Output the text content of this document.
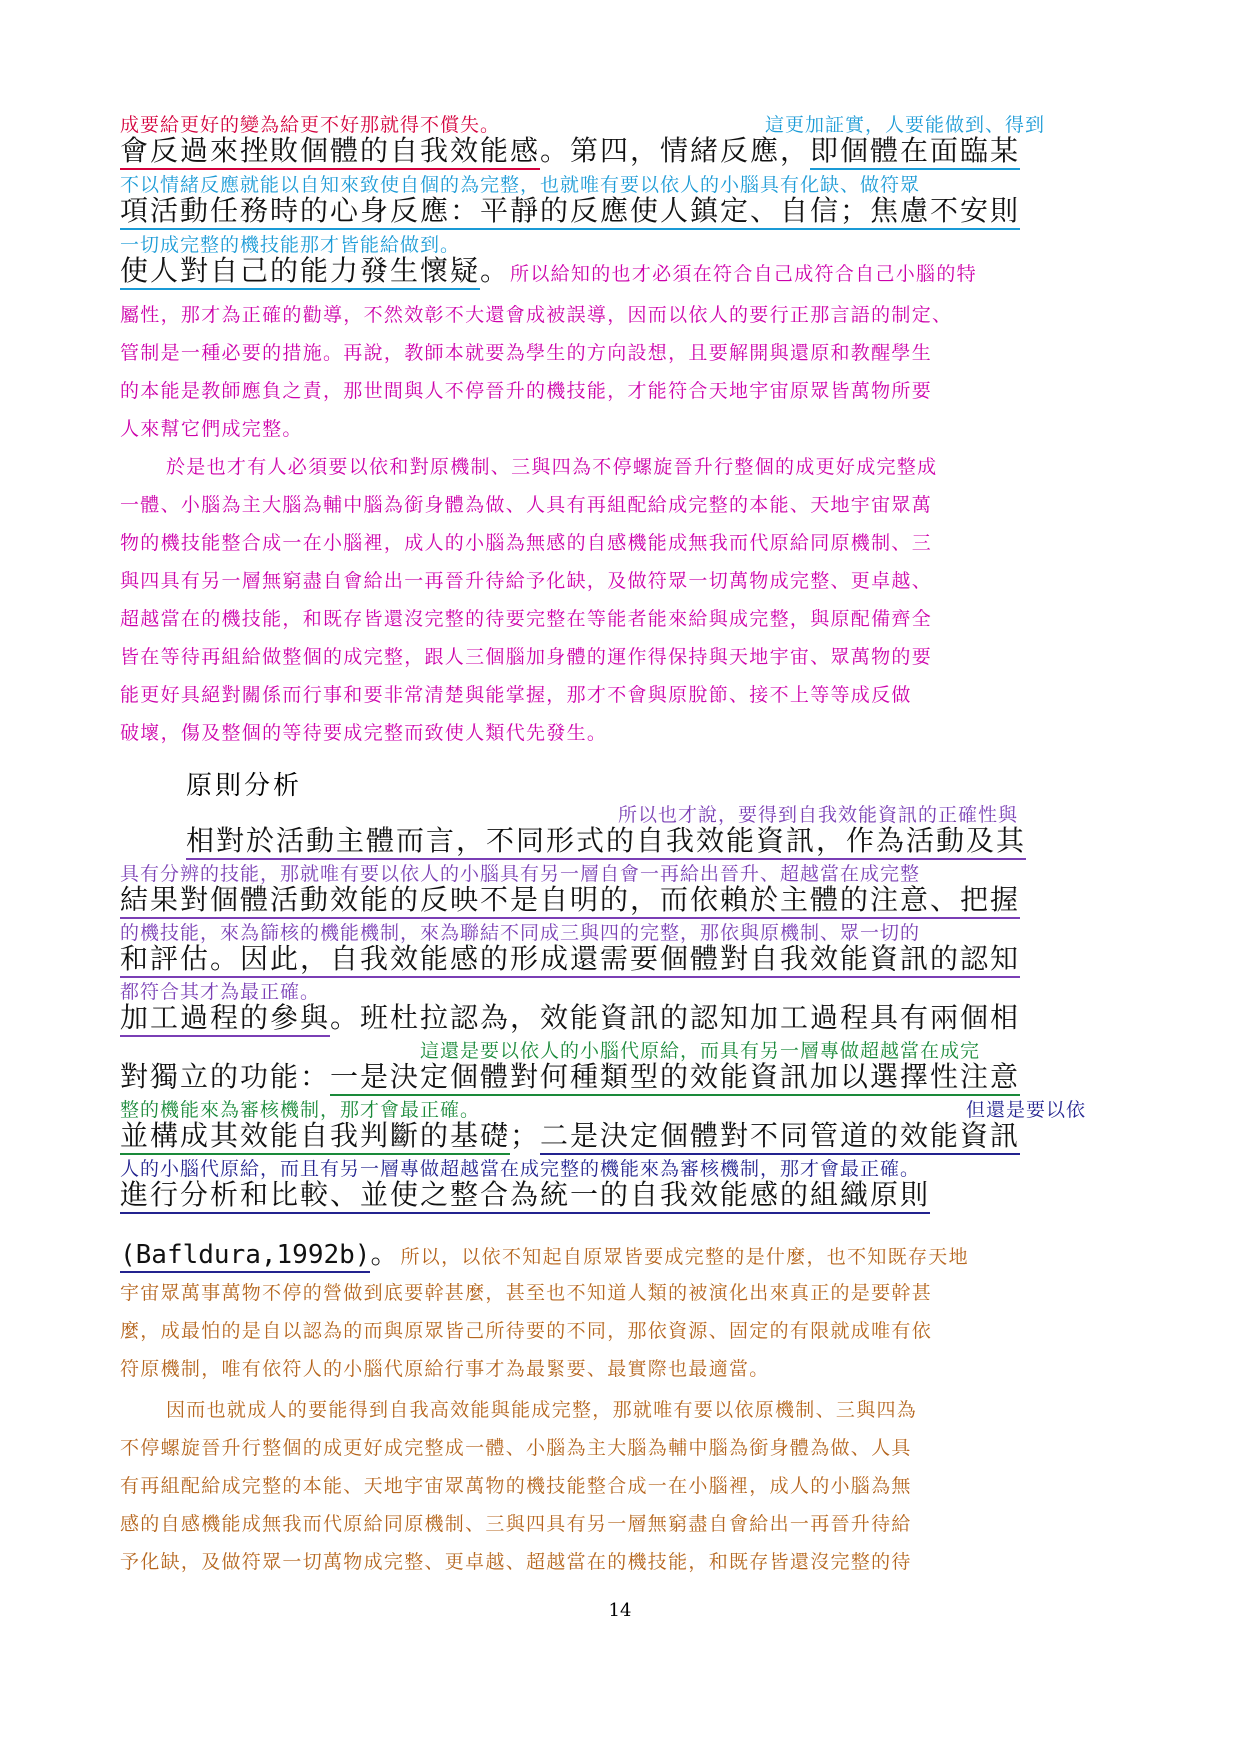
成要給更好的變為給更不好那就得不償失。	這更加証實，人要能做到、得到
會反過來挫敗個體的自我效能感。第四，情緒反應，即個體在面臨某
不以情緒反應就能以自知來致使自個的為完整，也就唯有要以依人的小腦具有化缺、做符眾
項活動任務時的心身反應：平靜的反應使人鎮定、自信；焦慮不安則
一切成完整的機技能那才皆能給做到。
使人對自己的能力發生懷疑。所以給知的也才必須在符合自己成符合自己小腦的特
屬性，那才為正確的勸導，不然效彰不大還會成被誤導，因而以依人的要行正那言語的制定、
管制是一種必要的措施。再說，教師本就要為學生的方向設想，且要解開與還原和教醒學生
的本能是教師應負之責，那世間與人不停晉升的機技能，才能符合天地宇宙原眾皆萬物所要
人來幫它們成完整。
於是也才有人必須要以依和對原機制、三與四為不停螺旋晉升行整個的成更好成完整成
一體、小腦為主大腦為輔中腦為銜身體為做、人具有再組配給成完整的本能、天地宇宙眾萬
物的機技能整合成一在小腦裡，成人的小腦為無感的自感機能成無我而代原給同原機制、三
與四具有另一層無窮盡自會給出一再晉升待給予化缺，及做符眾一切萬物成完整、更卓越、
超越當在的機技能，和既存皆還沒完整的待要完整在等能者能來給與成完整，與原配備齊全
皆在等待再組給做整個的成完整，跟人三個腦加身體的運作得保持與天地宇宙、眾萬物的要
能更好具絕對關係而行事和要非常清楚與能掌握，那才不會與原脫節、接不上等等成反做
破壞，傷及整個的等待要成完整而致使人類代先發生。
原則分析
所以也才說，要得到自我效能資訊的正確性與
相對於活動主體而言，不同形式的自我效能資訊，作為活動及其
具有分辨的技能，那就唯有要以依人的小腦具有另一層自會一再給出晉升、超越當在成完整
結果對個體活動效能的反映不是自明的，而依賴於主體的注意、把握
的機技能，來為篩核的機能機制，來為聯結不同成三與四的完整，那依與原機制、眾一切的
和評估。因此，自我效能感的形成還需要個體對自我效能資訊的認知
都符合其才為最正確。
加工過程的參與。班杜拉認為，效能資訊的認知加工過程具有兩個相
這還是要以依人的小腦代原給，而具有另一層專做超越當在成完
對獨立的功能：一是決定個體對何種類型的效能資訊加以選擇性注意
整的機能來為審核機制，那才會最正確。	但還是要以依
並構成其效能自我判斷的基礎；二是決定個體對不同管道的效能資訊
人的小腦代原給，而且有另一層專做超越當在成完整的機能來為審核機制，那才會最正確。
進行分析和比較、並使之整合為統一的自我效能感的組織原則
(Bafldura,1992b)。所以，以依不知起自原眾皆要成完整的是什麼，也不知既存天地
宇宙眾萬事萬物不停的營做到底要幹甚麼，甚至也不知道人類的被演化出來真正的是要幹甚
麼，成最怕的是自以認為的而與原眾皆己所待要的不同，那依資源、固定的有限就成唯有依
符原機制，唯有依符人的小腦代原給行事才為最緊要、最實際也最適當。
因而也就成人的要能得到自我高效能與能成完整，那就唯有要以依原機制、三與四為
不停螺旋晉升行整個的成更好成完整成一體、小腦為主大腦為輔中腦為銜身體為做、人具
有再組配給成完整的本能、天地宇宙眾萬物的機技能整合成一在小腦裡，成人的小腦為無
感的自感機能成無我而代原給同原機制、三與四具有另一層無窮盡自會給出一再晉升待給
予化缺，及做符眾一切萬物成完整、更卓越、超越當在的機技能，和既存皆還沒完整的待
14
